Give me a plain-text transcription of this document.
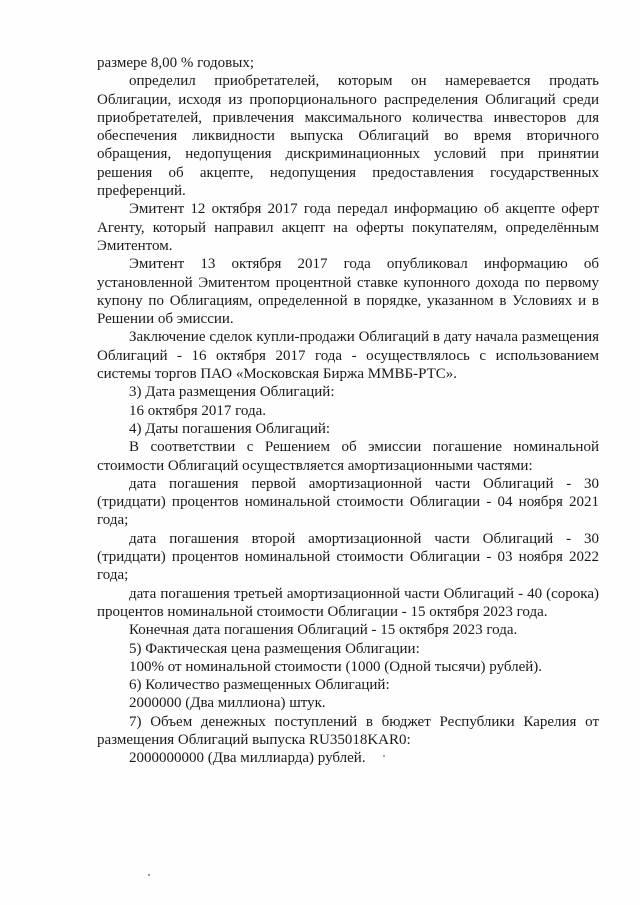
размере 8,00 % годовых;

определил приобретателей, которым он намеревается продать Облигации, исходя из пропорционального распределения Облигаций среди приобретателей, привлечения максимального количества инвесторов для обеспечения ликвидности выпуска Облигаций во время вторичного обращения, недопущения дискриминационных условий при принятии решения об акцепте, недопущения предоставления государственных преференций.

Эмитент 12 октября 2017 года передал информацию об акцепте оферт Агенту, который направил акцепт на оферты покупателям, определённым Эмитентом.

Эмитент 13 октября 2017 года опубликовал информацию об установленной Эмитентом процентной ставке купонного дохода по первому купону по Облигациям, определенной в порядке, указанном в Условиях и в Решении об эмиссии.

Заключение сделок купли-продажи Облигаций в дату начала размещения Облигаций - 16 октября 2017 года - осуществлялось с использованием системы торгов ПАО «Московская Биржа ММВБ-РТС».

3) Дата размещения Облигаций:

16 октября 2017 года.

4) Даты погашения Облигаций:

В соответствии с Решением об эмиссии погашение номинальной стоимости Облигаций осуществляется амортизационными частями:

дата погашения первой амортизационной части Облигаций - 30 (тридцати) процентов номинальной стоимости Облигации - 04 ноября 2021 года;

дата погашения второй амортизационной части Облигаций - 30 (тридцати) процентов номинальной стоимости Облигации - 03 ноября 2022 года;

дата погашения третьей амортизационной части Облигаций - 40 (сорока) процентов номинальной стоимости Облигации - 15 октября 2023 года.

Конечная дата погашения Облигаций - 15 октября 2023 года.

5) Фактическая цена размещения Облигации:

100% от номинальной стоимости (1000 (Одной тысячи) рублей).

6) Количество размещенных Облигаций:

2000000 (Два миллиона) штук.

7) Объем денежных поступлений в бюджет Республики Карелия от размещения Облигаций выпуска RU35018KAR0:

2000000000 (Два миллиарда) рублей.
